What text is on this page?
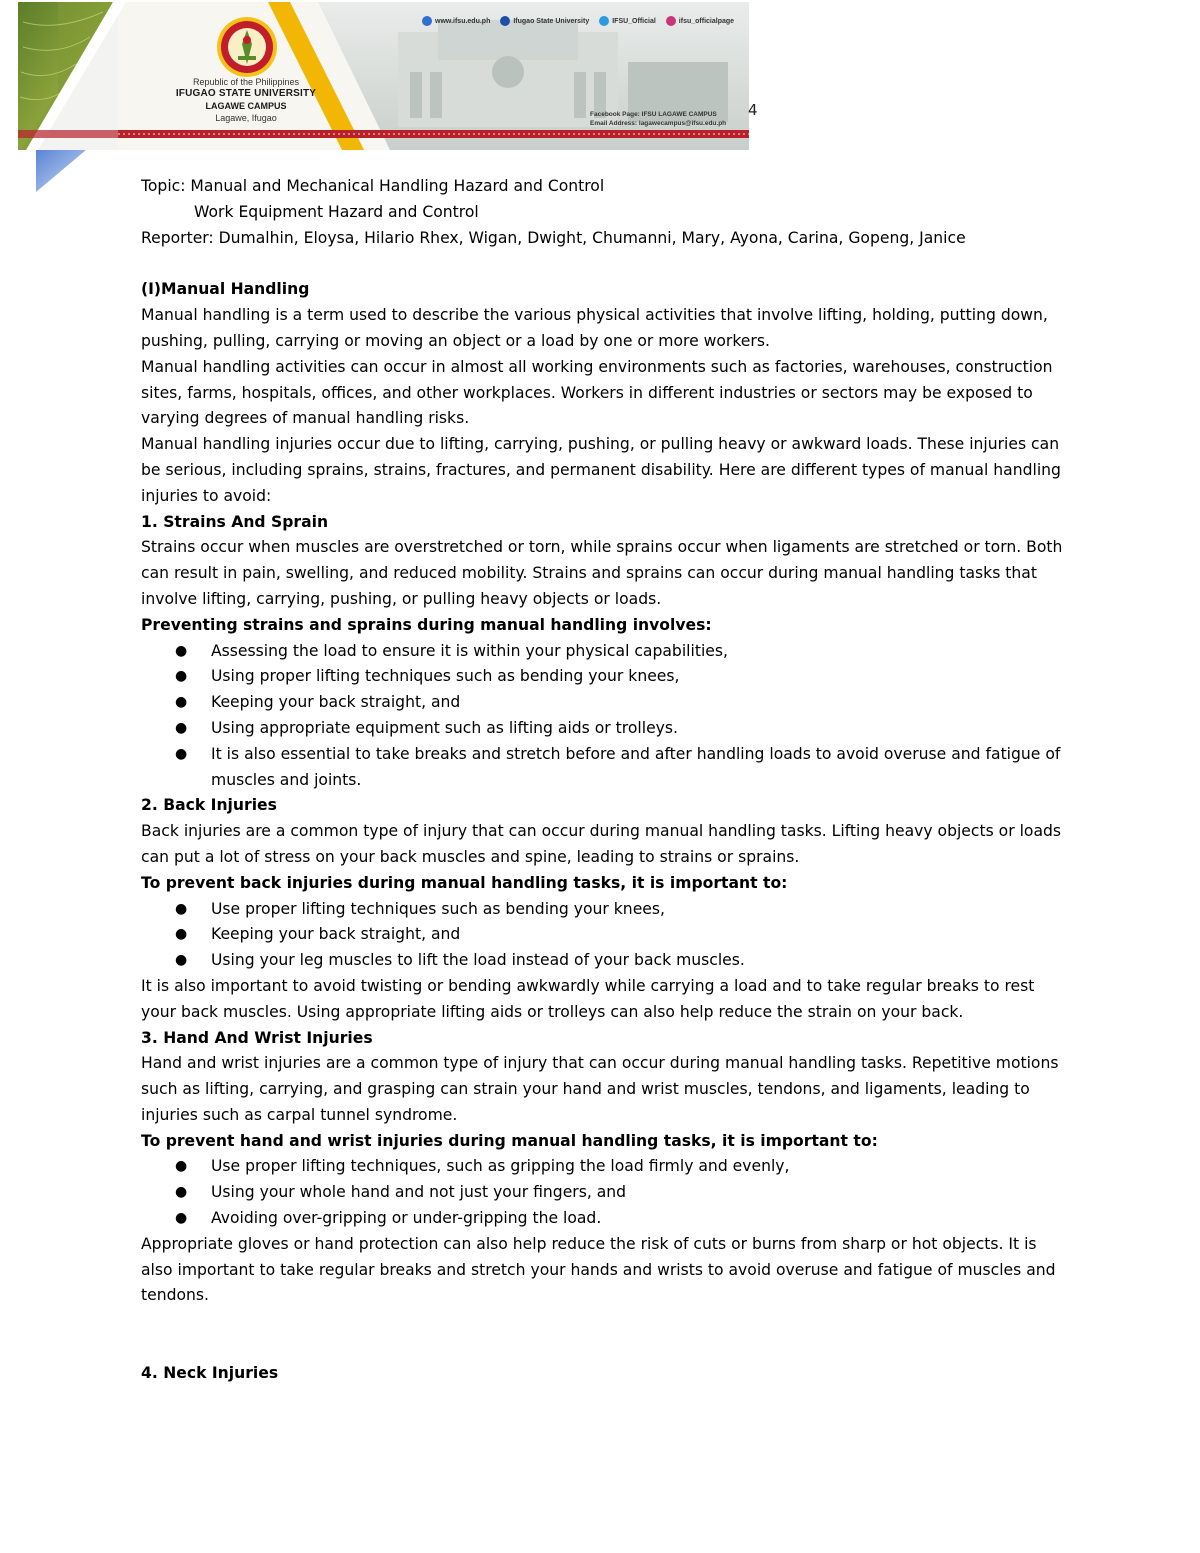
Republic of the Philippines
IFUGAO STATE UNIVERSITY
LAGAWE CAMPUS
Lagawe, Ifugao
www.ifsu.edu.ph	Ifugao State University	IFSU_Official	ifsu_officialpage
Facebook Page: IFSU LAGAWE CAMPUS
Email Address: lagawecampus@ifsu.edu.ph
4

Topic: Manual and Mechanical Handling Hazard and Control

Work Equipment Hazard and Control

Reporter: Dumalhin, Eloysa, Hilario Rhex, Wigan, Dwight, Chumanni, Mary, Ayona, Carina, Gopeng, Janice

(I)Manual Handling

Manual handling is a term used to describe the various physical activities that involve lifting, holding, putting down, pushing, pulling, carrying or moving an object or a load by one or more workers.

Manual handling activities can occur in almost all working environments such as factories, warehouses, construction sites, farms, hospitals, offices, and other workplaces. Workers in different industries or sectors may be exposed to varying degrees of manual handling risks.

Manual handling injuries occur due to lifting, carrying, pushing, or pulling heavy or awkward loads. These injuries can be serious, including sprains, strains, fractures, and permanent disability. Here are different types of manual handling injuries to avoid:

1. Strains And Sprain

Strains occur when muscles are overstretched or torn, while sprains occur when ligaments are stretched or torn. Both can result in pain, swelling, and reduced mobility. Strains and sprains can occur during manual handling tasks that involve lifting, carrying, pushing, or pulling heavy objects or loads.

Preventing strains and sprains during manual handling involves:

● Assessing the load to ensure it is within your physical capabilities,
● Using proper lifting techniques such as bending your knees,
● Keeping your back straight, and
● Using appropriate equipment such as lifting aids or trolleys.
● It is also essential to take breaks and stretch before and after handling loads to avoid overuse and fatigue of muscles and joints.

2. Back Injuries

Back injuries are a common type of injury that can occur during manual handling tasks. Lifting heavy objects or loads can put a lot of stress on your back muscles and spine, leading to strains or sprains.

To prevent back injuries during manual handling tasks, it is important to:

● Use proper lifting techniques such as bending your knees,
● Keeping your back straight, and
● Using your leg muscles to lift the load instead of your back muscles.

It is also important to avoid twisting or bending awkwardly while carrying a load and to take regular breaks to rest your back muscles. Using appropriate lifting aids or trolleys can also help reduce the strain on your back.

3. Hand And Wrist Injuries

Hand and wrist injuries are a common type of injury that can occur during manual handling tasks. Repetitive motions such as lifting, carrying, and grasping can strain your hand and wrist muscles, tendons, and ligaments, leading to injuries such as carpal tunnel syndrome.

To prevent hand and wrist injuries during manual handling tasks, it is important to:

● Use proper lifting techniques, such as gripping the load firmly and evenly,
● Using your whole hand and not just your fingers, and
● Avoiding over-gripping or under-gripping the load.

Appropriate gloves or hand protection can also help reduce the risk of cuts or burns from sharp or hot objects. It is also important to take regular breaks and stretch your hands and wrists to avoid overuse and fatigue of muscles and tendons.

4. Neck Injuries
